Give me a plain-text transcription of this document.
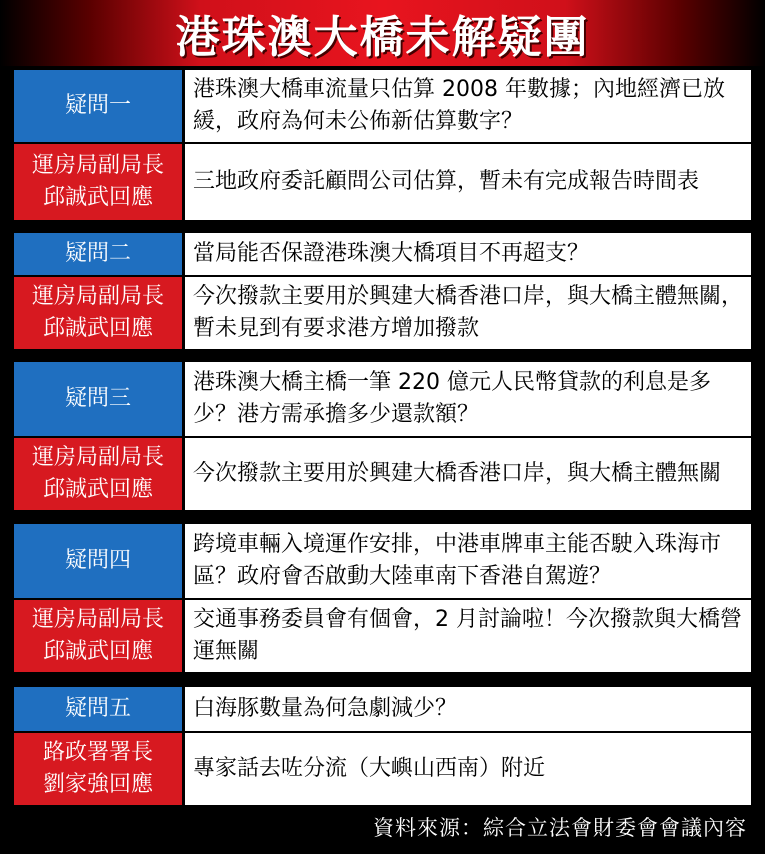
港珠澳大橋未解疑團
疑問一
港珠澳大橋車流量只估算 2008 年數據；內地經濟已放緩，政府為何未公佈新估算數字？
運房局副局長
邱誠武回應
三地政府委託顧問公司估算，暫未有完成報告時間表
疑問二	當局能否保證港珠澳大橋項目不再超支？
運房局副局長
邱誠武回應
今次撥款主要用於興建大橋香港口岸，與大橋主體無關，暫未見到有要求港方增加撥款
疑問三
港珠澳大橋主橋一筆 220 億元人民幣貸款的利息是多少？港方需承擔多少還款額？
運房局副局長
邱誠武回應
今次撥款主要用於興建大橋香港口岸，與大橋主體無關
疑問四
跨境車輛入境運作安排，中港車牌車主能否駛入珠海市區？政府會否啟動大陸車南下香港自駕遊？
運房局副局長
邱誠武回應
交通事務委員會有個會，2 月討論啦！今次撥款與大橋營運無關
疑問五	白海豚數量為何急劇減少？
路政署署長
劉家強回應
專家話去咗分流（大嶼山西南）附近
資料來源：綜合立法會財委會會議內容
